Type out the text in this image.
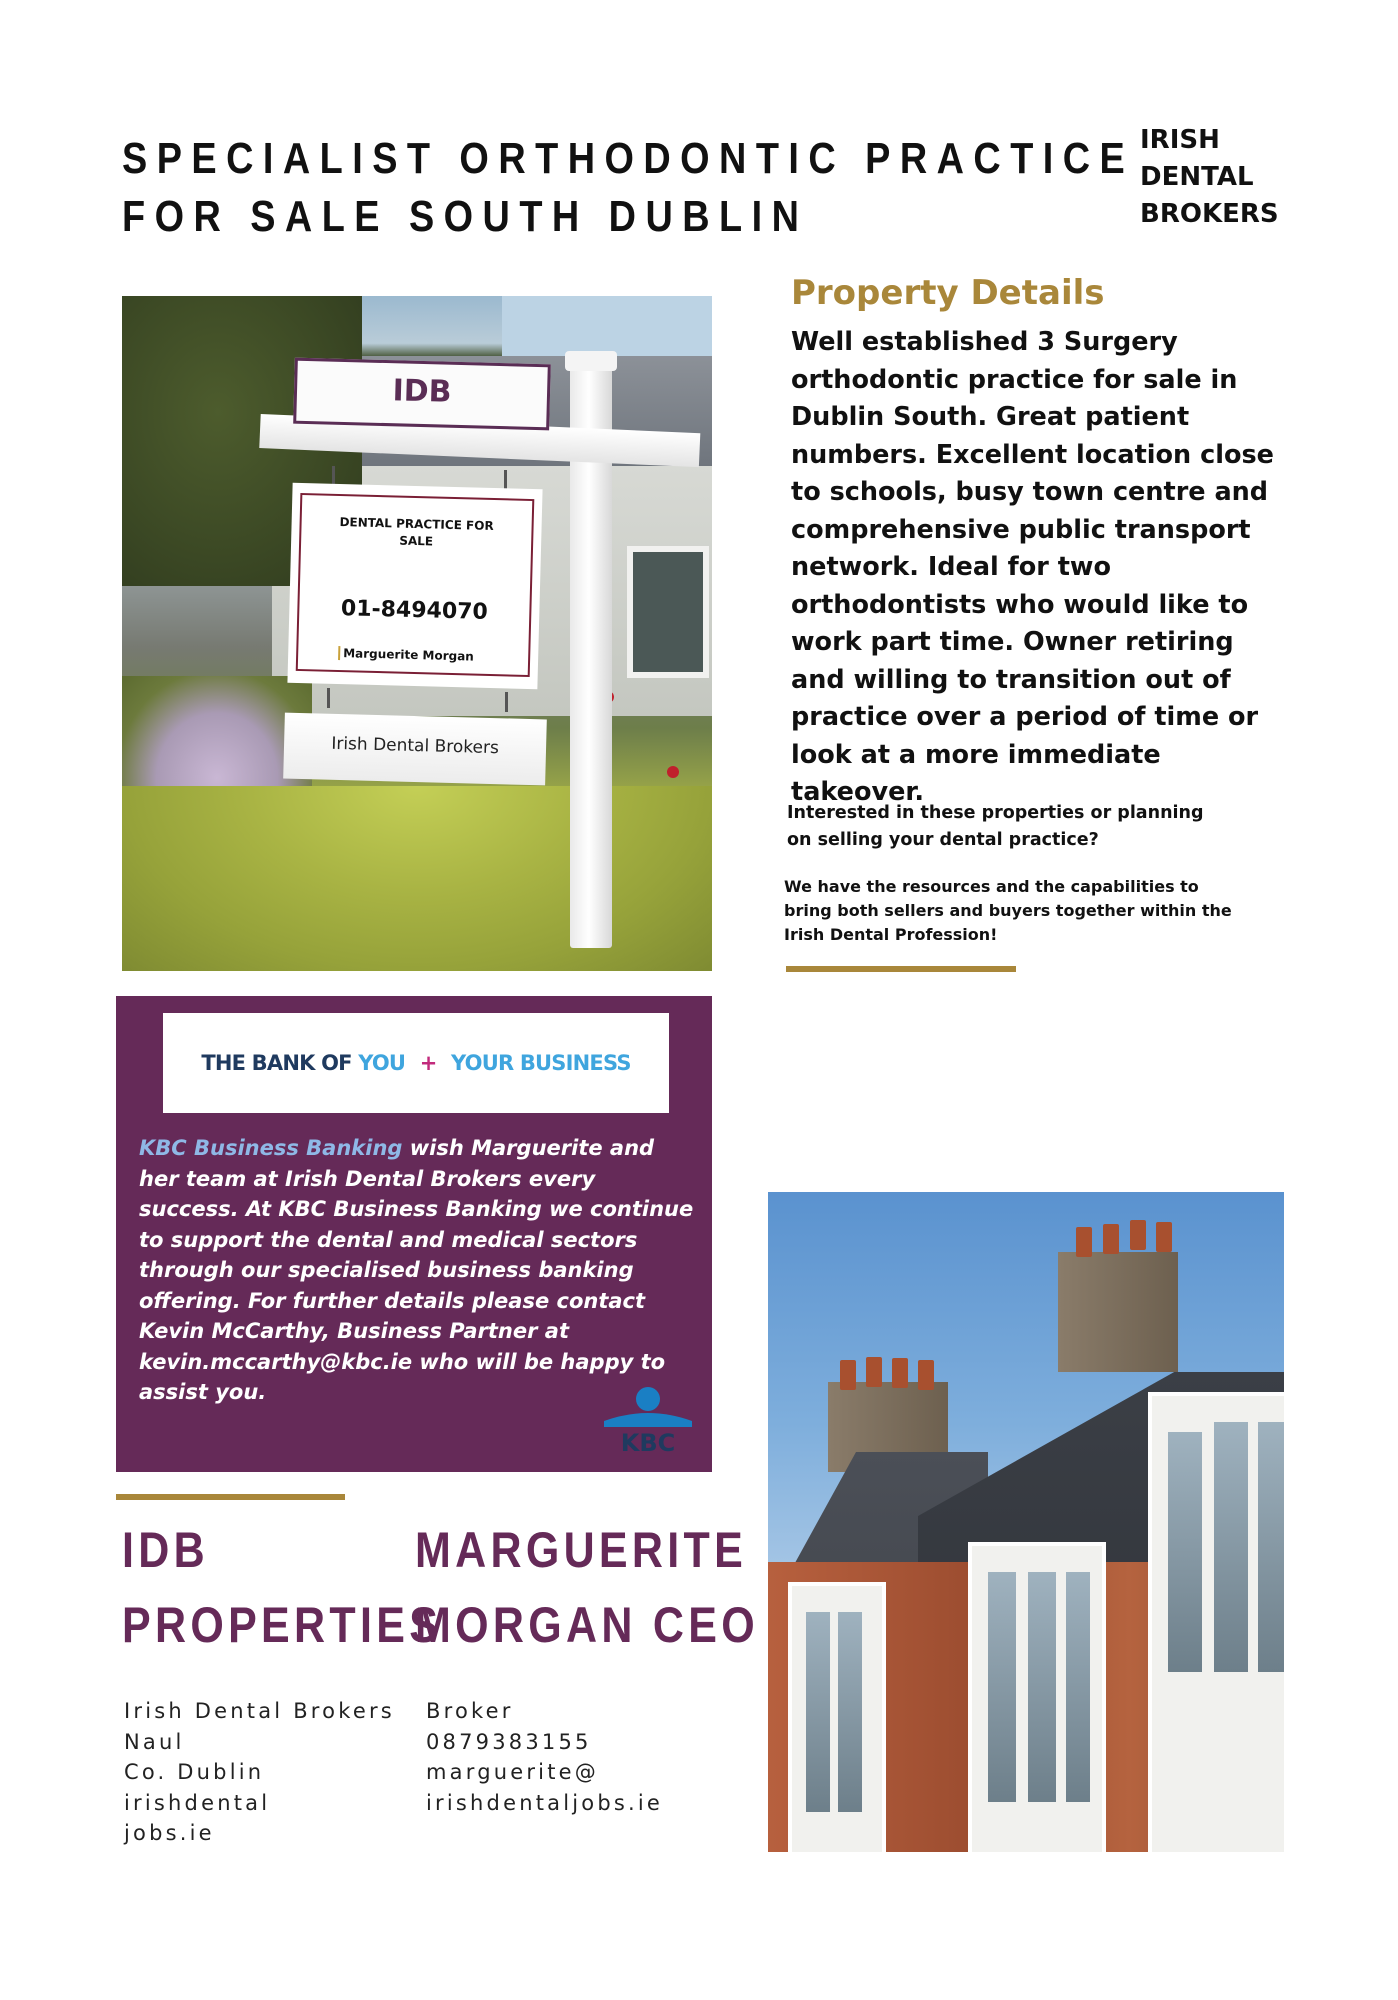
SPECIALIST ORTHODONTIC PRACTICE
FOR SALE SOUTH DUBLIN
IRISH
DENTAL
BROKERS
IDB
DENTAL PRACTICE FOR
SALE
01-8494070
Marguerite Morgan
Irish Dental Brokers
Property Details
Well established 3 Surgery orthodontic practice for sale in Dublin South. Great patient numbers. Excellent location close to schools, busy town centre and comprehensive public transport network. Ideal for two orthodontists who would like to work part time. Owner retiring and willing to transition out of practice over a period of time or look at a more immediate takeover.
Interested in these properties or planning
on selling your dental practice?
We have the resources and the capabilities to bring both sellers and buyers together within the Irish Dental Profession!
THE BANK OF YOU + YOUR BUSINESS
KBC Business Banking wish Marguerite and her team at Irish Dental Brokers every success. At KBC Business Banking we continue to support the dental and medical sectors through our specialised business banking offering. For further details please contact Kevin McCarthy, Business Partner at kevin.mccarthy@kbc.ie who will be happy to assist you.
KBC
IDB
PROPERTIES
MARGUERITE
MORGAN CEO
Irish Dental Brokers
Naul
Co. Dublin
irishdental
jobs.ie
Broker
0879383155
marguerite@
irishdentaljobs.ie
